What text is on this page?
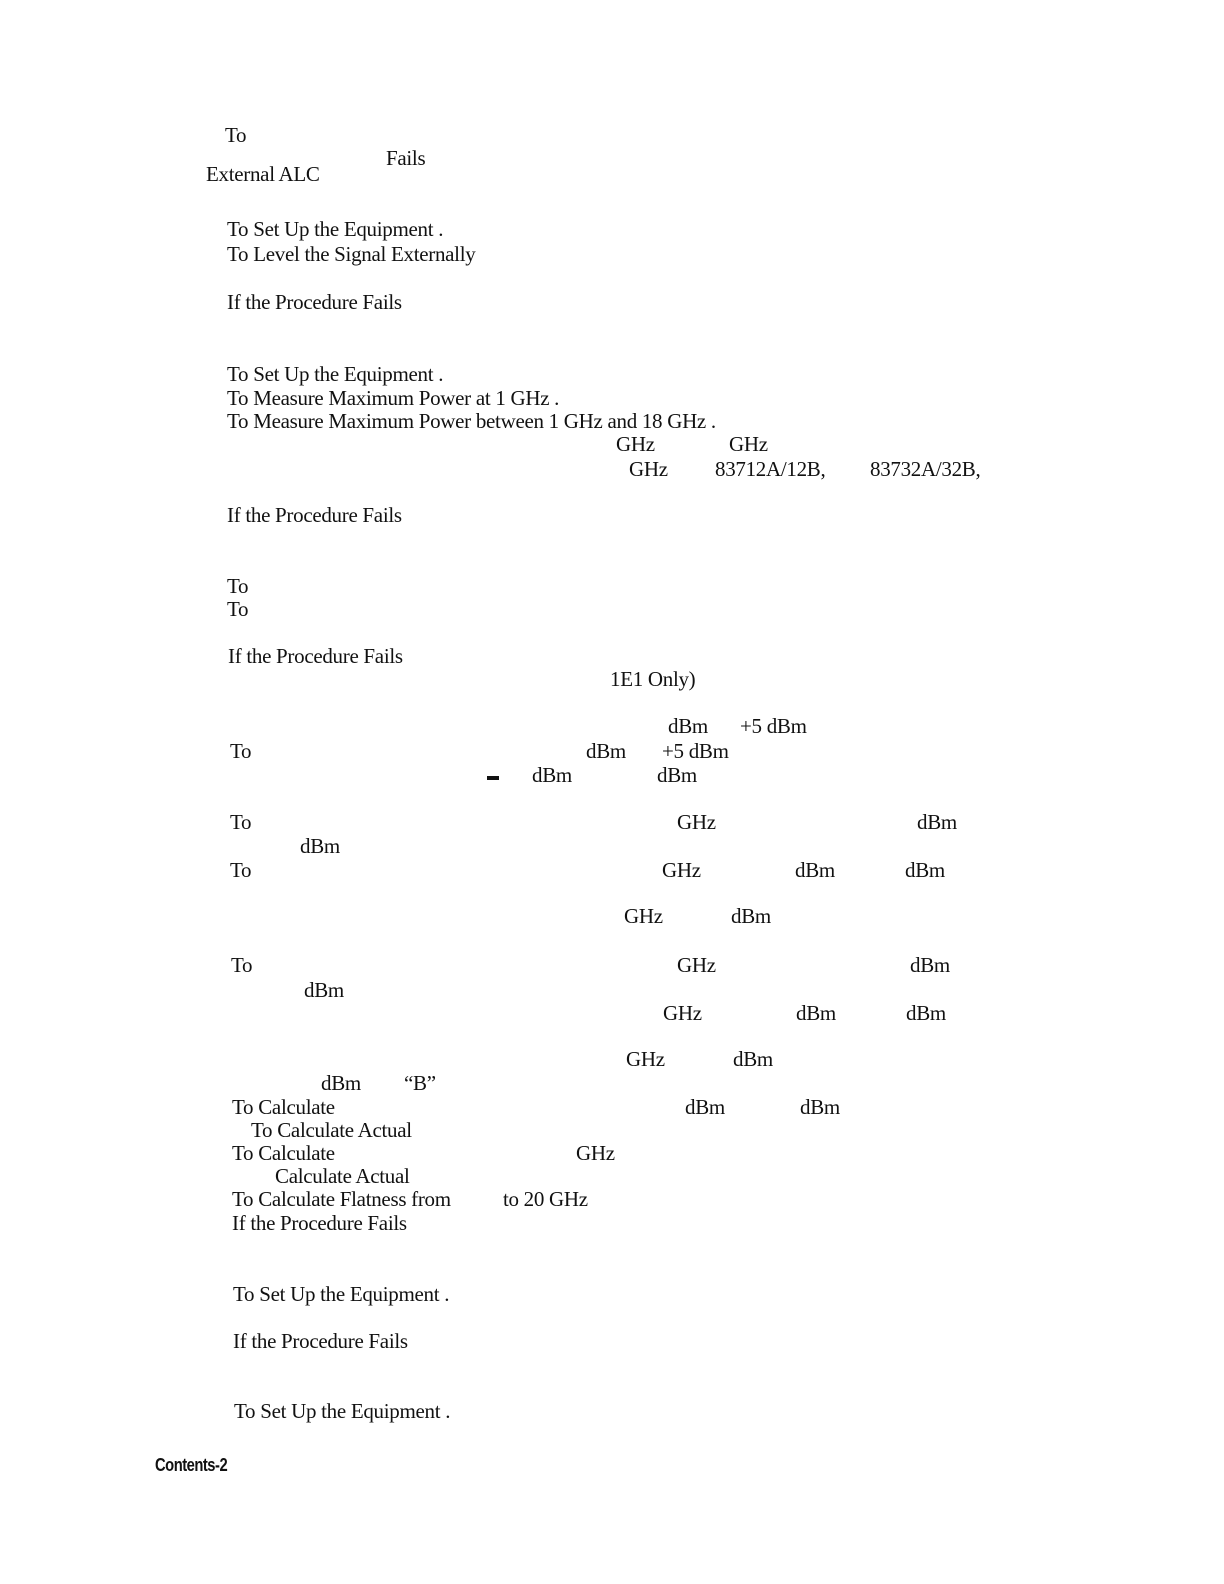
To
Fails
External ALC
To Set Up the Equipment .
To Level the Signal Externally
If the Procedure Fails
To Set Up the Equipment .
To Measure Maximum Power at 1 GHz .
To Measure Maximum Power between 1 GHz and 18 GHz .
GHz	GHz
GHz 83712A/12B, 83732A/32B,
If the Procedure Fails
To
To
If the Procedure Fails
1E1 Only)
dBm +5 dBm
To	dBm +5 dBm
dBm	dBm
To	GHz	dBm
dBm
To	GHz	dBm	dBm
GHz	dBm
To	GHz	dBm
dBm
GHz	dBm	dBm
GHz	dBm
dBm “B”
To Calculate	dBm	dBm
To Calculate Actual
To Calculate	GHz
Calculate Actual
To Calculate Flatness from to 20 GHz
If the Procedure Fails
To Set Up the Equipment .
If the Procedure Fails
To Set Up the Equipment .
Contents-2
